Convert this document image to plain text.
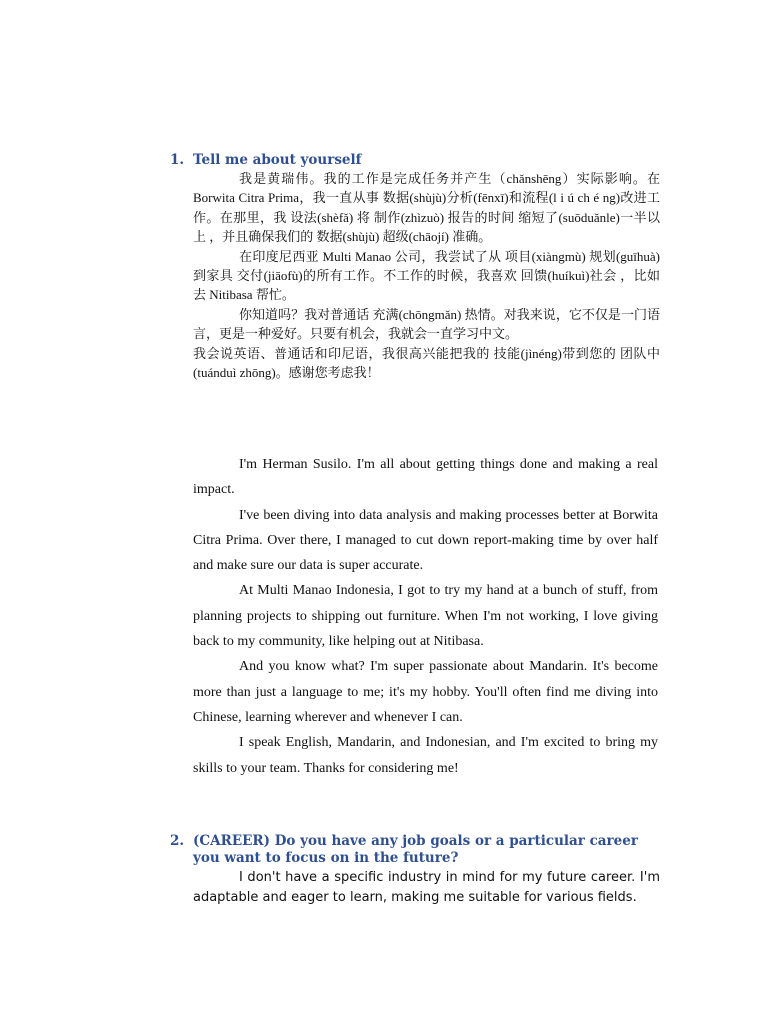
1. Tell me about yourself

我是黄瑞伟。我的工作是完成任务并产生（chǎnshēng）实际影响。在 Borwita Citra Prima，我一直从事 数据(shùjù)分析(fēnxī)和流程(l i ú ch é ng)改进工作。在那里，我 设法(shèfǎ) 将 制作(zhìzuò) 报告的时间 缩短了(suōduǎnle)一半以上 ，并且确保我们的 数据(shùjù) 超级(chāojí) 准确。

在印度尼西亚 Multi Manao 公司，我尝试了从 项目(xiàngmù) 规划(guīhuà) 到家具 交付(jiāofù)的所有工作。不工作的时候，我喜欢 回馈(huíkuì)社会 ，比如去 Nitibasa 帮忙。

你知道吗？我对普通话 充满(chōngmǎn) 热情。对我来说，它不仅是一门语言，更是一种爱好。只要有机会，我就会一直学习中文。

我会说英语、普通话和印尼语，我很高兴能把我的 技能(jìnéng)带到您的 团队中(tuánduì zhōng)。感谢您考虑我！

I'm Herman Susilo. I'm all about getting things done and making a real impact.

I've been diving into data analysis and making processes better at Borwita Citra Prima. Over there, I managed to cut down report-making time by over half and make sure our data is super accurate.

At Multi Manao Indonesia, I got to try my hand at a bunch of stuff, from planning projects to shipping out furniture. When I'm not working, I love giving back to my community, like helping out at Nitibasa.

And you know what? I'm super passionate about Mandarin. It's become more than just a language to me; it's my hobby. You'll often find me diving into Chinese, learning wherever and whenever I can.

I speak English, Mandarin, and Indonesian, and I'm excited to bring my skills to your team. Thanks for considering me!

2. (CAREER) Do you have any job goals or a particular career you want to focus on in the future?

I don't have a specific industry in mind for my future career. I'm adaptable and eager to learn, making me suitable for various fields.
